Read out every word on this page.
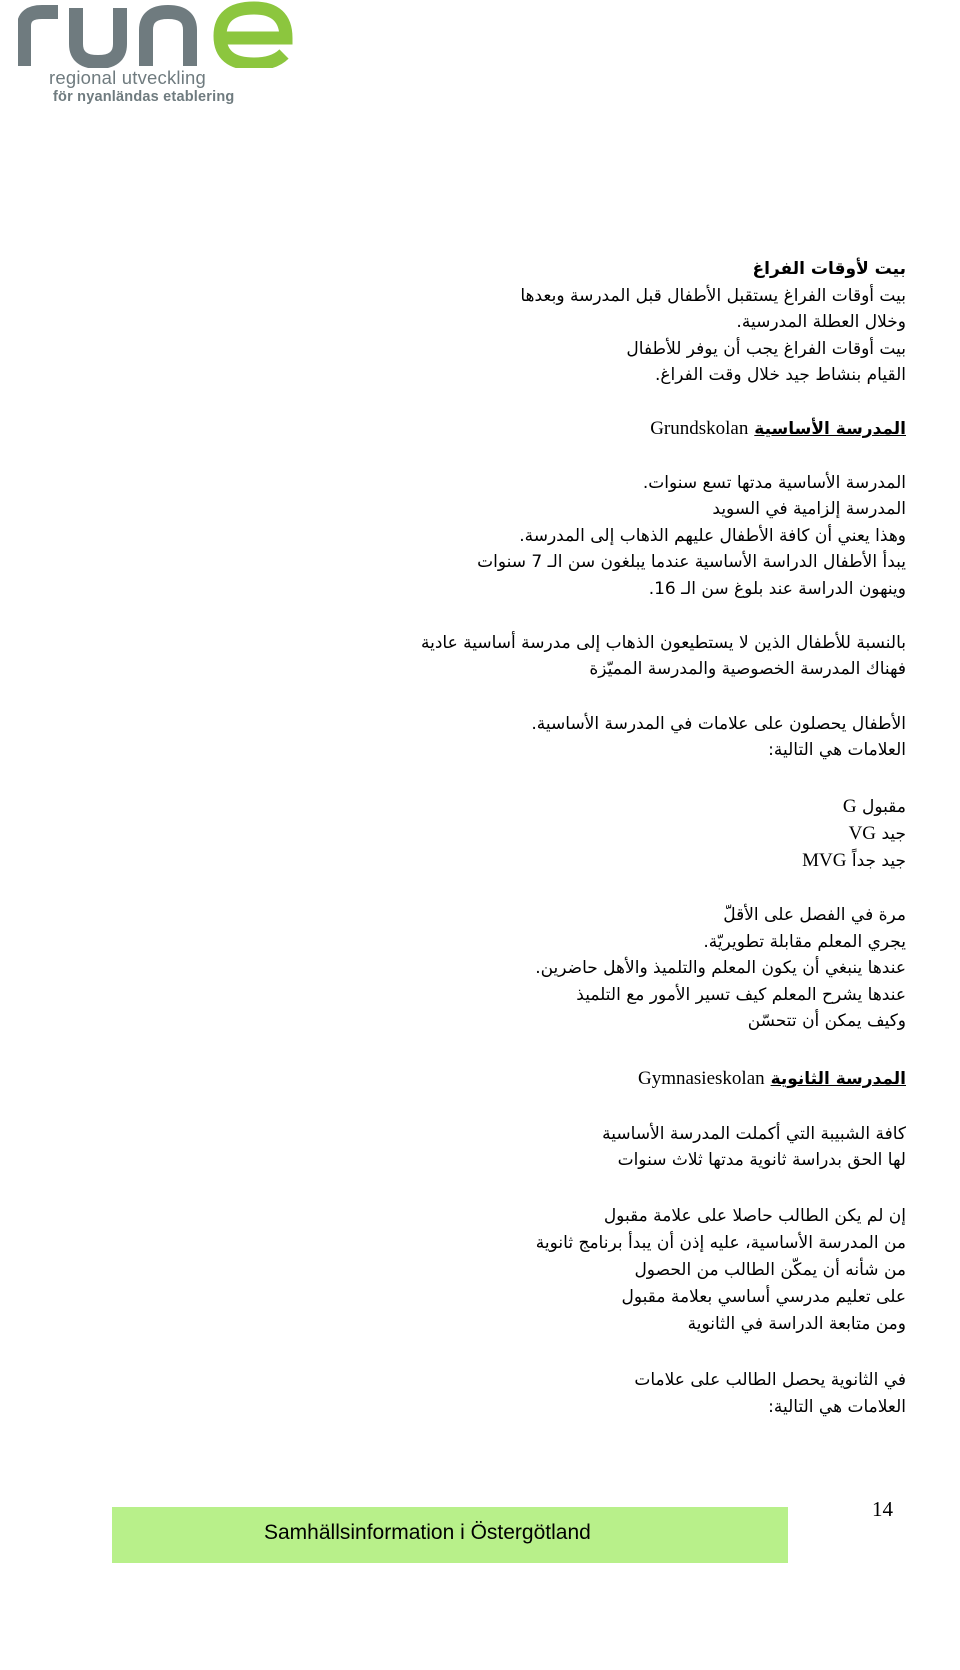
regional utveckling
för nyanländas etablering
بيت لأوقات الفراغ
بيت أوقات الفراغ يستقبل الأطفال قبل المدرسة وبعدها
وخلال العطلة المدرسية.
بيت أوقات الفراغ يجب أن يوفر للأطفال
القيام بنشاط جيد خلال وقت الفراغ.
المدرسة الأساسية Grundskolan
المدرسة الأساسية مدتها تسع سنوات.
المدرسة إلزامية في السويد
وهذا يعني أن كافة الأطفال عليهم الذهاب إلى المدرسة.
يبدأ الأطفال الدراسة الأساسية عندما يبلغون سن الـ 7 سنوات
وينهون الدراسة عند بلوغ سن الـ 16.
بالنسبة للأطفال الذين لا يستطيعون الذهاب إلى مدرسة أساسية عادية
فهناك المدرسة الخصوصية والمدرسة المميّزة
الأطفال يحصلون على علامات في المدرسة الأساسية.
العلامات هي التالية:
مقبول G
جيد VG
جيد جداً MVG
مرة في الفصل على الأقلّ
يجري المعلم مقابلة تطويريّة.
عندها ينبغي أن يكون المعلم والتلميذ والأهل حاضرين.
عندها يشرح المعلم كيف تسير الأمور مع التلميذ
وكيف يمكن أن تتحسّن
المدرسة الثانوية Gymnasieskolan
كافة الشبيبة التي أكملت المدرسة الأساسية
لها الحق بدراسة ثانوية مدتها ثلاث سنوات
إن لم يكن الطالب حاصلا على علامة مقبول
من المدرسة الأساسية، عليه إذن أن يبدأ برنامج ثانوية
من شأنه أن يمكّن الطالب من الحصول
على تعليم مدرسي أساسي بعلامة مقبول
ومن متابعة الدراسة في الثانوية
في الثانوية يحصل الطالب على علامات
العلامات هي التالية:
Samhällsinformation i Östergötland
14
